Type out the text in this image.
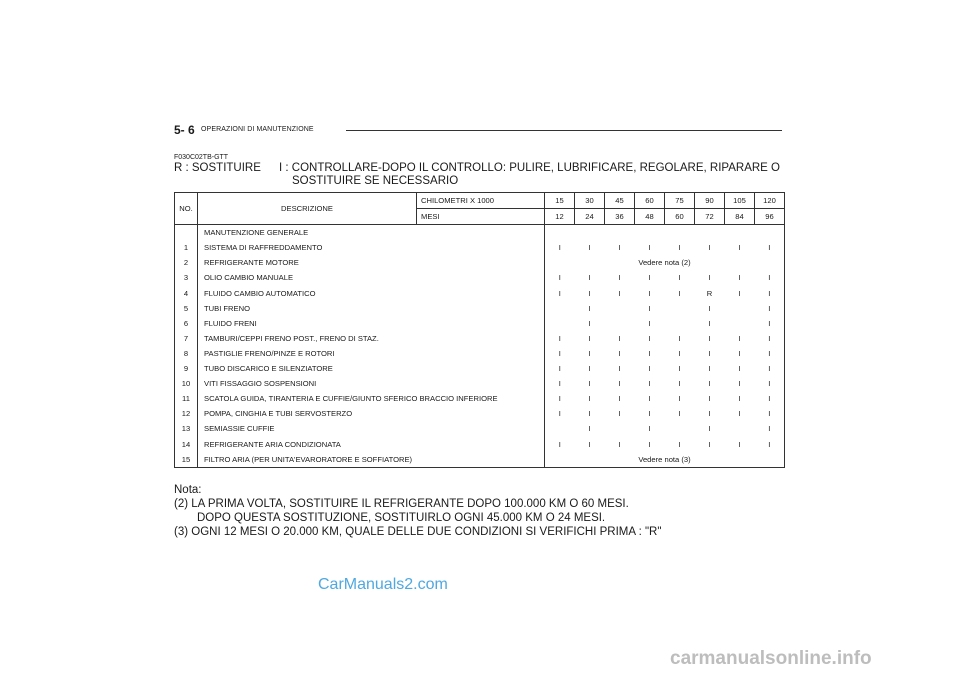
5- 6 OPERAZIONI DI MANUTENZIONE
F030C02TB-GTT
R : SOSTITUIRE I : CONTROLLARE-DOPO IL CONTROLLO: PULIRE, LUBRIFICARE, REGOLARE, RIPARARE O
SOSTITUIRE SE NECESSARIO
NO.	DESCRIZIONE	CHILOMETRI X 1000	15	30	45	60	75	90	105	120
		MESI	12	24	36	48	60	72	84	96
	MANUTENZIONE GENERALE									
1	SISTEMA DI RAFFREDDAMENTO		I	I	I	I	I	I	I	I
2	REFRIGERANTE MOTORE		Vedere nota (2)							
3	OLIO CAMBIO MANUALE		I	I	I	I	I	I	I	I
4	FLUIDO CAMBIO AUTOMATICO		I	I	I	I	I	R	I	I
5	TUBI FRENO			I		I		I		I
6	FLUIDO FRENI			I		I		I		I
7	TAMBURI/CEPPI FRENO POST., FRENO DI STAZ.		I	I	I	I	I	I	I	I
8	PASTIGLIE FRENO/PINZE E ROTORI		I	I	I	I	I	I	I	I
9	TUBO DISCARICO E SILENZIATORE		I	I	I	I	I	I	I	I
10	VITI FISSAGGIO SOSPENSIONI		I	I	I	I	I	I	I	I
11	SCATOLA GUIDA, TIRANTERIA E CUFFIE/GIUNTO SFERICO BRACCIO INFERIORE		I	I	I	I	I	I	I	I
12	POMPA, CINGHIA E TUBI SERVOSTERZO		I	I	I	I	I	I	I	I
13	SEMIASSIE CUFFIE			I		I		I		I
14	REFRIGERANTE ARIA CONDIZIONATA		I	I	I	I	I	I	I	I
15	FILTRO ARIA (PER UNITA'EVARORATORE E SOFFIATORE)		Vedere nota (3)							
Nota:
(2) LA PRIMA VOLTA, SOSTITUIRE IL REFRIGERANTE DOPO 100.000 KM O 60 MESI.
DOPO QUESTA SOSTITUZIONE, SOSTITUIRLO OGNI 45.000 KM O 24 MESI.
(3) OGNI 12 MESI O 20.000 KM, QUALE DELLE DUE CONDIZIONI SI VERIFICHI PRIMA : "R"
CarManuals2.com
carmanualsonline.info
